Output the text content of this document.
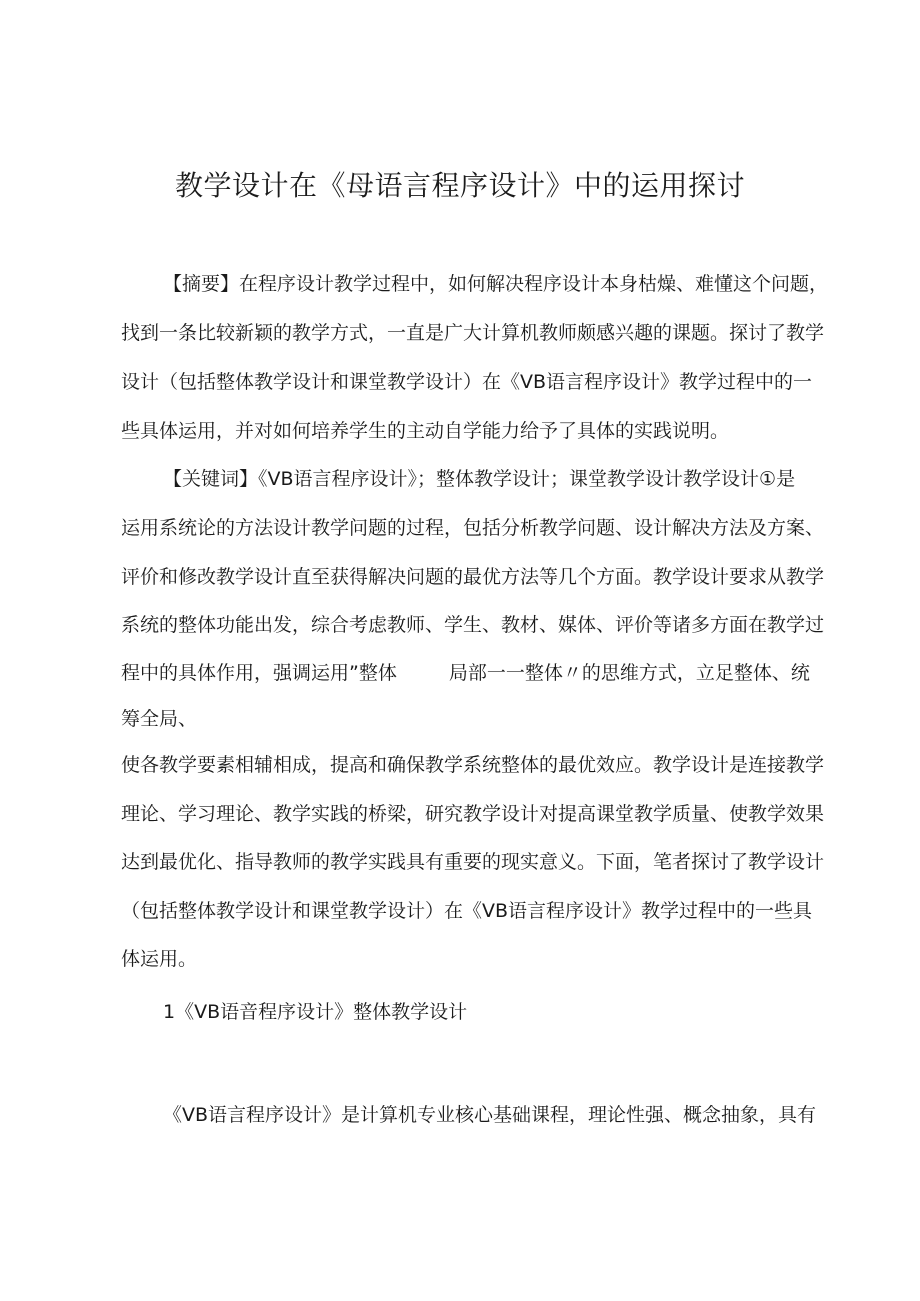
教学设计在《母语言程序设计》中的运用探讨

【摘要】在程序设计教学过程中，如何解决程序设计本身枯燥、难懂这个问题，

找到一条比较新颖的教学方式，一直是广大计算机教师颇感兴趣的课题。探讨了教学

设计（包括整体教学设计和课堂教学设计）在《VB语言程序设计》教学过程中的一

些具体运用，并对如何培养学生的主动自学能力给予了具体的实践说明。

【关键词】《VB语言程序设计》；整体教学设计；课堂教学设计教学设计①是

运用系统论的方法设计教学问题的过程，包括分析教学问题、设计解决方法及方案、

评价和修改教学设计直至获得解决问题的最优方法等几个方面。教学设计要求从教学

系统的整体功能出发，综合考虑教师、学生、教材、媒体、评价等诸多方面在教学过

程中的具体作用，强调运用”整体	局部一一整体〃的思维方式，立足整体、统

筹全局、

使各教学要素相辅相成，提高和确保教学系统整体的最优效应。教学设计是连接教学

理论、学习理论、教学实践的桥梁，研究教学设计对提高课堂教学质量、使教学效果

达到最优化、指导教师的教学实践具有重要的现实意义。下面，笔者探讨了教学设计

（包括整体教学设计和课堂教学设计）在《VB语言程序设计》教学过程中的一些具

体运用。

1《VB语音程序设计》整体教学设计

《VB语言程序设计》是计算机专业核心基础课程，理论性强、概念抽象，具有
